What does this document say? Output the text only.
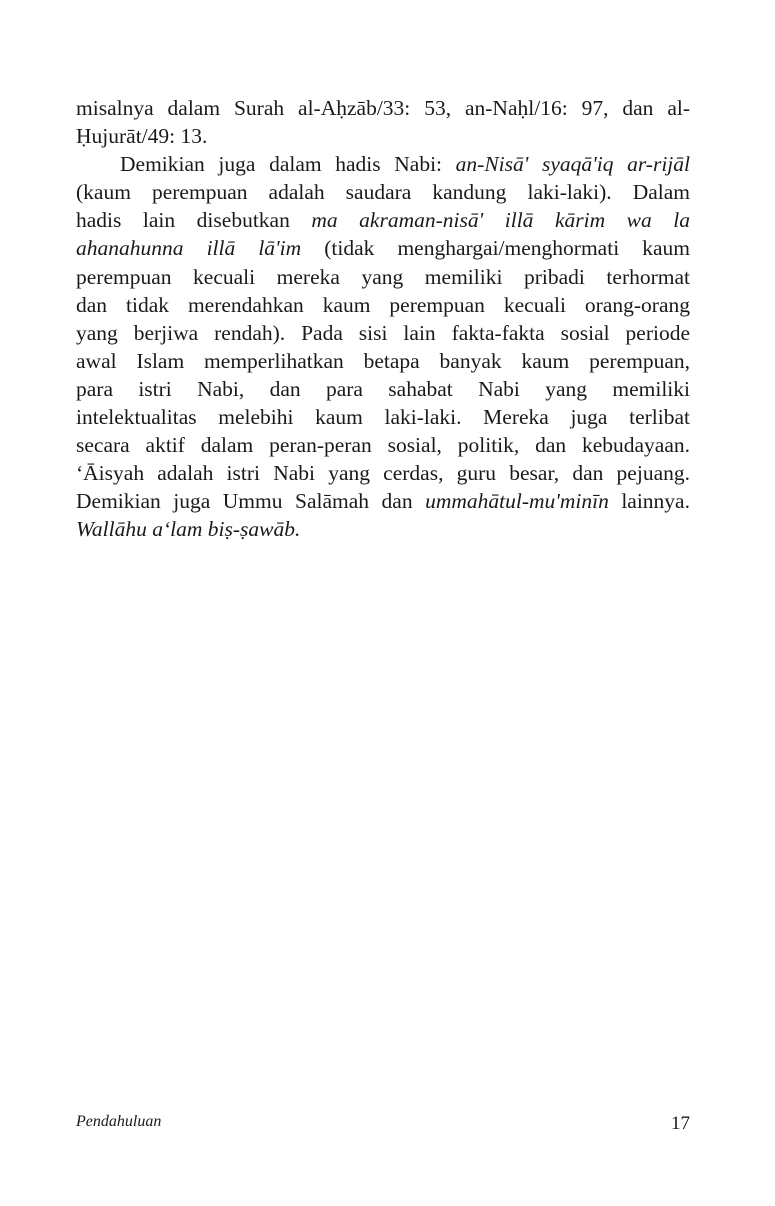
misalnya dalam Surah al-Aḥzāb/33: 53, an-Naḥl/16: 97, dan al-
Ḥujurāt/49: 13.
Demikian juga dalam hadis Nabi: an-Nisā' syaqā'iq ar-rijāl
(kaum perempuan adalah saudara kandung laki-laki). Dalam
hadis lain disebutkan ma akraman-nisā' illā kārim wa la
ahanahunna illā lā'im (tidak menghargai/menghormati kaum
perempuan kecuali mereka yang memiliki pribadi terhormat
dan tidak merendahkan kaum perempuan kecuali orang-orang
yang berjiwa rendah). Pada sisi lain fakta-fakta sosial periode
awal Islam memperlihatkan betapa banyak kaum perempuan,
para istri Nabi, dan para sahabat Nabi yang memiliki
intelektualitas melebihi kaum laki-laki. Mereka juga terlibat
secara aktif dalam peran-peran sosial, politik, dan kebudayaan.
‘Āisyah adalah istri Nabi yang cerdas, guru besar, dan pejuang.
Demikian juga Ummu Salāmah dan ummahātul-mu'minīn lainnya.
Wallāhu a‘lam biṣ-ṣawāb.
Pendahuluan	17
